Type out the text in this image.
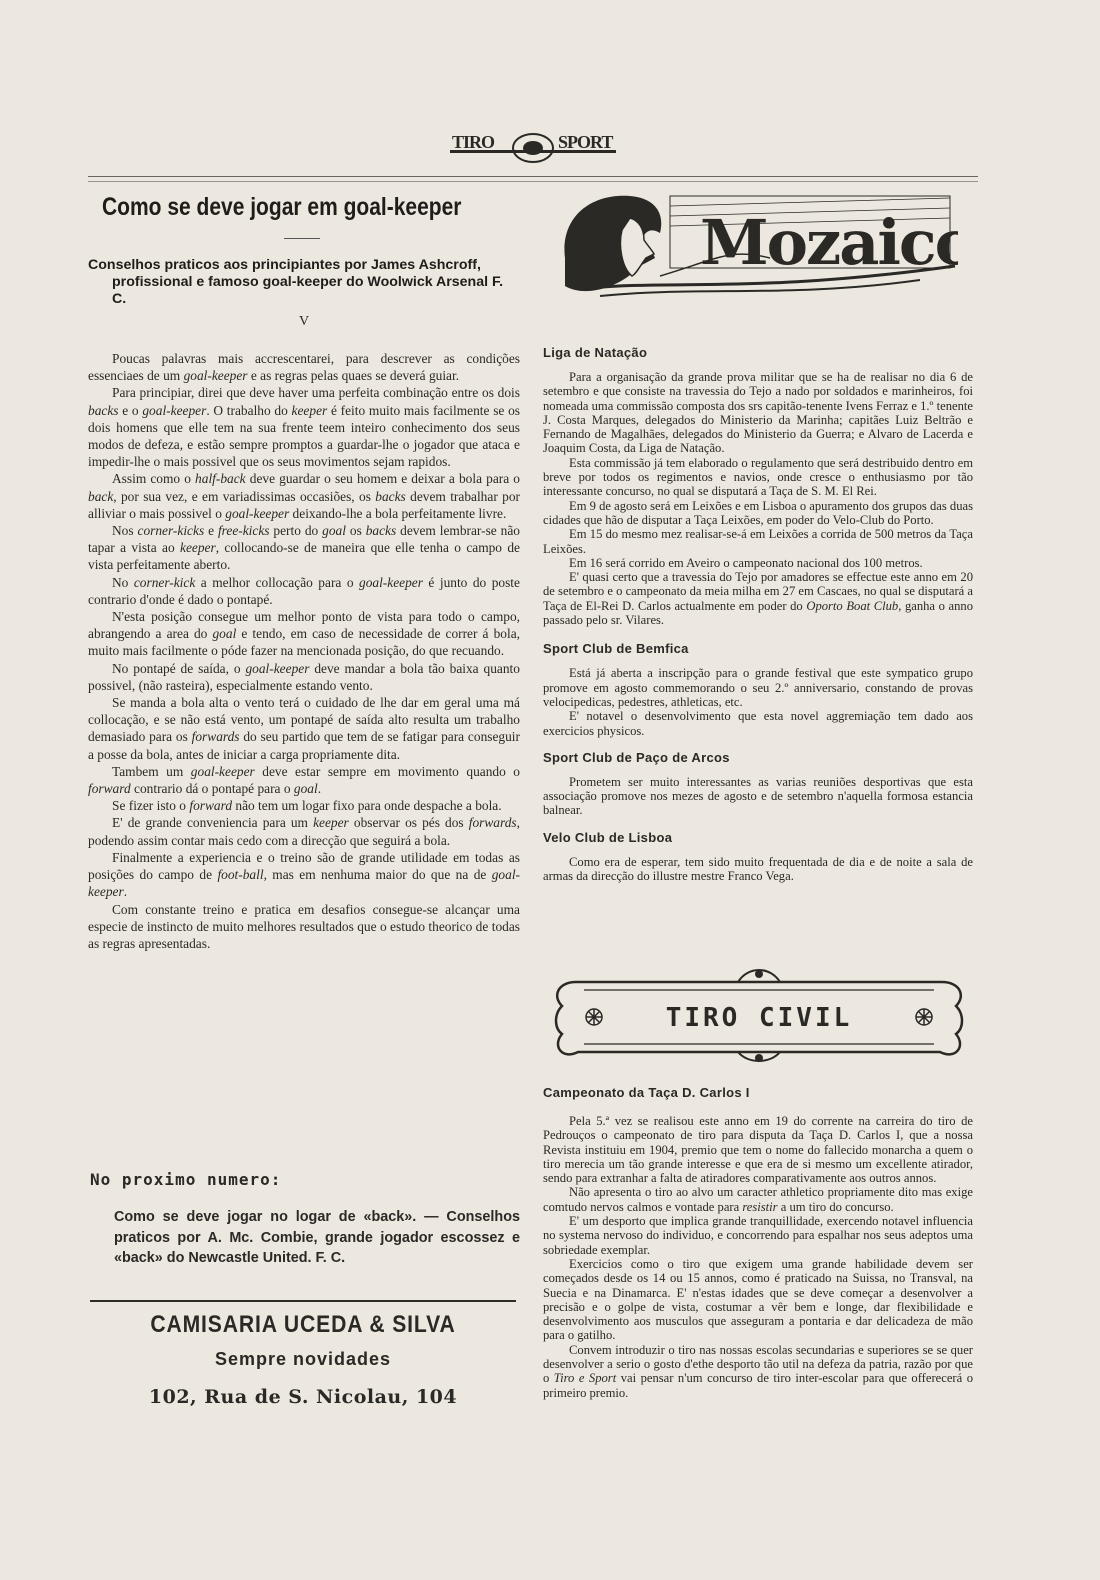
TIRO	SPORT
Como se deve jogar em goal-keeper

Conselhos praticos aos principiantes por James Ashcroff, profissional e famoso goal-keeper do Woolwick Arsenal F. C.

V

Poucas palavras mais accrescentarei, para descrever as condições essenciaes de um goal-keeper e as regras pelas quaes se deverá guiar.

Para principiar, direi que deve haver uma perfeita combinação entre os dois backs e o goal-keeper. O trabalho do keeper é feito muito mais facilmente se os dois homens que elle tem na sua frente teem inteiro conhecimento dos seus modos de defeza, e estão sempre promptos a guardar-lhe o jogador que ataca e impedir-lhe o mais possivel que os seus movimentos sejam rapidos.

Assim como o half-back deve guardar o seu homem e deixar a bola para o back, por sua vez, e em variadissimas occasiões, os backs devem trabalhar por alliviar o mais possivel o goal-keeper deixando-lhe a bola perfeitamente livre.

Nos corner-kicks e free-kicks perto do goal os backs devem lembrar-se não tapar a vista ao keeper, collocando-se de maneira que elle tenha o campo de vista perfeitamente aberto.

No corner-kick a melhor collocação para o goal-keeper é junto do poste contrario d'onde é dado o pontapé.

N'esta posição consegue um melhor ponto de vista para todo o campo, abrangendo a area do goal e tendo, em caso de necessidade de correr á bola, muito mais facilmente o póde fazer na mencionada posição, do que recuando.

No pontapé de saída, o goal-keeper deve mandar a bola tão baixa quanto possivel, (não rasteira), especialmente estando vento.

Se manda a bola alta o vento terá o cuidado de lhe dar em geral uma má collocação, e se não está vento, um pontapé de saída alto resulta um trabalho demasiado para os forwards do seu partido que tem de se fatigar para conseguir a posse da bola, antes de iniciar a carga propriamente dita.

Tambem um goal-keeper deve estar sempre em movimento quando o forward contrario dá o pontapé para o goal.

Se fizer isto o forward não tem um logar fixo para onde despache a bola.

E' de grande conveniencia para um keeper observar os pés dos forwards, podendo assim contar mais cedo com a direcção que seguirá a bola.

Finalmente a experiencia e o treino são de grande utilidade em todas as posições do campo de foot-ball, mas em nenhuma maior do que na de goal-keeper.

Com constante treino e pratica em desafios consegue-se alcançar uma especie de instincto de muito melhores resultados que o estudo theorico de todas as regras apresentadas.

No proximo numero:
Como se deve jogar no logar de «back». — Conselhos praticos por A. Mc. Combie, grande jogador escossez e «back» do Newcastle United. F. C.
CAMISARIA UCEDA & SILVA
Sempre novidades
102, Rua de S. Nicolau, 104
Mozaico

Liga de Natação

Para a organisação da grande prova militar que se ha de realisar no dia 6 de setembro e que consiste na travessia do Tejo a nado por soldados e marinheiros, foi nomeada uma commissão composta dos srs capitão-tenente Ivens Ferraz e 1.º tenente J. Costa Marques, delegados do Ministerio da Marinha; capitães Luiz Beltrão e Fernando de Magalhães, delegados do Ministerio da Guerra; e Alvaro de Lacerda e Joaquim Costa, da Liga de Natação.

Esta commissão já tem elaborado o regulamento que será destribuido dentro em breve por todos os regimentos e navios, onde cresce o enthusiasmo por tão interessante concurso, no qual se disputará a Taça de S. M. El Rei.

Em 9 de agosto será em Leixões e em Lisboa o apuramento dos grupos das duas cidades que hão de disputar a Taça Leixões, em poder do Velo-Club do Porto.

Em 15 do mesmo mez realisar-se-á em Leixões a corrida de 500 metros da Taça Leixões.

Em 16 será corrido em Aveiro o campeonato nacional dos 100 metros.

E' quasi certo que a travessia do Tejo por amadores se effectue este anno em 20 de setembro e o campeonato da meia milha em 27 em Cascaes, no qual se disputará a Taça de El-Rei D. Carlos actualmente em poder do Oporto Boat Club, ganha o anno passado pelo sr. Vilares.

Sport Club de Bemfica

Está já aberta a inscripção para o grande festival que este sympatico grupo promove em agosto commemorando o seu 2.º anniversario, constando de provas velocipedicas, pedestres, athleticas, etc.

E' notavel o desenvolvimento que esta novel aggremiação tem dado aos exercicios physicos.

Sport Club de Paço de Arcos

Prometem ser muito interessantes as varias reuniões desportivas que esta associação promove nos mezes de agosto e de setembro n'aquella formosa estancia balnear.

Velo Club de Lisboa

Como era de esperar, tem sido muito frequentada de dia e de noite a sala de armas da direcção do illustre mestre Franco Vega.

TIRO CIVIL

Campeonato da Taça D. Carlos I

Pela 5.ª vez se realisou este anno em 19 do corrente na carreira do tiro de Pedrouços o campeonato de tiro para disputa da Taça D. Carlos I, que a nossa Revista instituiu em 1904, premio que tem o nome do fallecido monarcha a quem o tiro merecia um tão grande interesse e que era de si mesmo um excellente atirador, sendo para extranhar a falta de atiradores comparativamente aos outros annos.

Não apresenta o tiro ao alvo um caracter athletico propriamente dito mas exige comtudo nervos calmos e vontade para resistir a um tiro do concurso.

E' um desporto que implica grande tranquillidade, exercendo notavel influencia no systema nervoso do individuo, e concorrendo para espalhar nos seus adeptos uma sobriedade exemplar.

Exercicios como o tiro que exigem uma grande habilidade devem ser começados desde os 14 ou 15 annos, como é praticado na Suissa, no Transval, na Suecia e na Dinamarca. E' n'estas idades que se deve começar a desenvolver a precisão e o golpe de vista, costumar a vêr bem e longe, dar flexibilidade e desenvolvimento aos musculos que asseguram a pontaria e dar delicadeza de mão para o gatilho.

Convem introduzir o tiro nas nossas escolas secundarias e superiores se se quer desenvolver a serio o gosto d'ethe desporto tão util na defeza da patria, razão por que o Tiro e Sport vai pensar n'um concurso de tiro inter-escolar para que offerecerá o primeiro premio.
